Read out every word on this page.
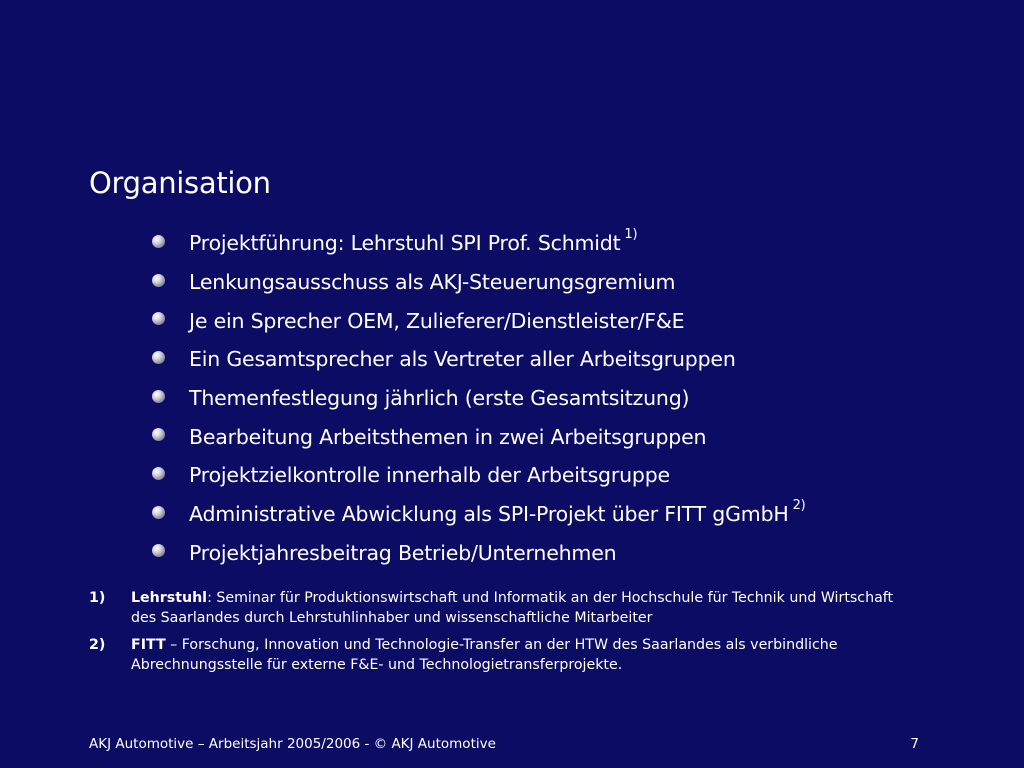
Organisation
Projektführung: Lehrstuhl SPI Prof. Schmidt 1)
Lenkungsausschuss als AKJ-Steuerungsgremium
Je ein Sprecher OEM, Zulieferer/Dienstleister/F&E
Ein Gesamtsprecher als Vertreter aller Arbeitsgruppen
Themenfestlegung jährlich (erste Gesamtsitzung)
Bearbeitung Arbeitsthemen in zwei Arbeitsgruppen
Projektzielkontrolle innerhalb der Arbeitsgruppe
Administrative Abwicklung als SPI-Projekt über FITT gGmbH 2)
Projektjahresbeitrag Betrieb/Unternehmen
1)	Lehrstuhl: Seminar für Produktionswirtschaft und Informatik an der Hochschule für Technik und Wirtschaft des Saarlandes durch Lehrstuhlinhaber und wissenschaftliche Mitarbeiter
2)	FITT – Forschung, Innovation und Technologie-Transfer an der HTW des Saarlandes als verbindliche Abrechnungsstelle für externe F&E- und Technologietransferprojekte.
AKJ Automotive – Arbeitsjahr 2005/2006 - © AKJ Automotive	7
